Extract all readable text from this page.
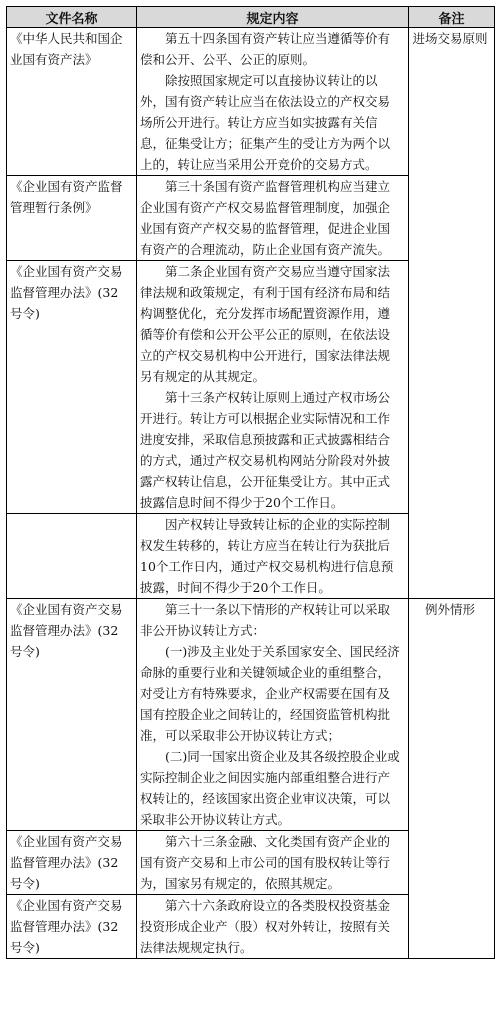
文件名称	规定内容	备注
《中华人民共和国企业国有资产法》	第五十四条国有资产转让应当遵循等价有偿和公开、公平、公正的原则。

除按照国家规定可以直接协议转让的以外，国有资产转让应当在依法设立的产权交易场所公开进行。转让方应当如实披露有关信息，征集受让方；征集产生的受让方为两个以上的，转让应当采用公开竞价的交易方式。	进场交易原则
《企业国有资产监督管理暂行条例》	第三十条国有资产监督管理机构应当建立企业国有资产产权交易监督管理制度，加强企业国有资产产权交易的监督管理，促进企业国有资产的合理流动，防止企业国有资产流失。	

《企业国有资产交易监督管理办法》(32号令)	第二条企业国有资产交易应当遵守国家法律法规和政策规定，有利于国有经济布局和结构调整优化，充分发挥市场配置资源作用，遵循等价有偿和公开公平公正的原则，在依法设立的产权交易机构中公开进行，国家法律法规另有规定的从其规定。

第十三条产权转让原则上通过产权市场公开进行。转让方可以根据企业实际情况和工作进度安排，采取信息预披露和正式披露相结合的方式，通过产权交易机构网站分阶段对外披露产权转让信息，公开征集受让方。其中正式披露信息时间不得少于20个工作日。	

	因产权转让导致转让标的企业的实际控制权发生转移的，转让方应当在转让行为获批后10个工作日内，通过产权交易机构进行信息预披露，时间不得少于20个工作日。	

《企业国有资产交易监督管理办法》(32号令)	第三十一条以下情形的产权转让可以采取非公开协议转让方式：

(一)涉及主业处于关系国家安全、国民经济命脉的重要行业和关键领域企业的重组整合，对受让方有特殊要求，企业产权需要在国有及国有控股企业之间转让的，经国资监管机构批准，可以采取非公开协议转让方式；

(二)同一国家出资企业及其各级控股企业或实际控制企业之间因实施内部重组整合进行产权转让的，经该国家出资企业审议决策，可以采取非公开协议转让方式。	例外情形
《企业国有资产交易监督管理办法》(32号令)	第六十三条金融、文化类国有资产企业的国有资产交易和上市公司的国有股权转让等行为，国家另有规定的，依照其规定。	

《企业国有资产交易监督管理办法》(32号令)	第六十六条政府设立的各类股权投资基金投资形成企业产（股）权对外转让，按照有关法律法规规定执行。	
